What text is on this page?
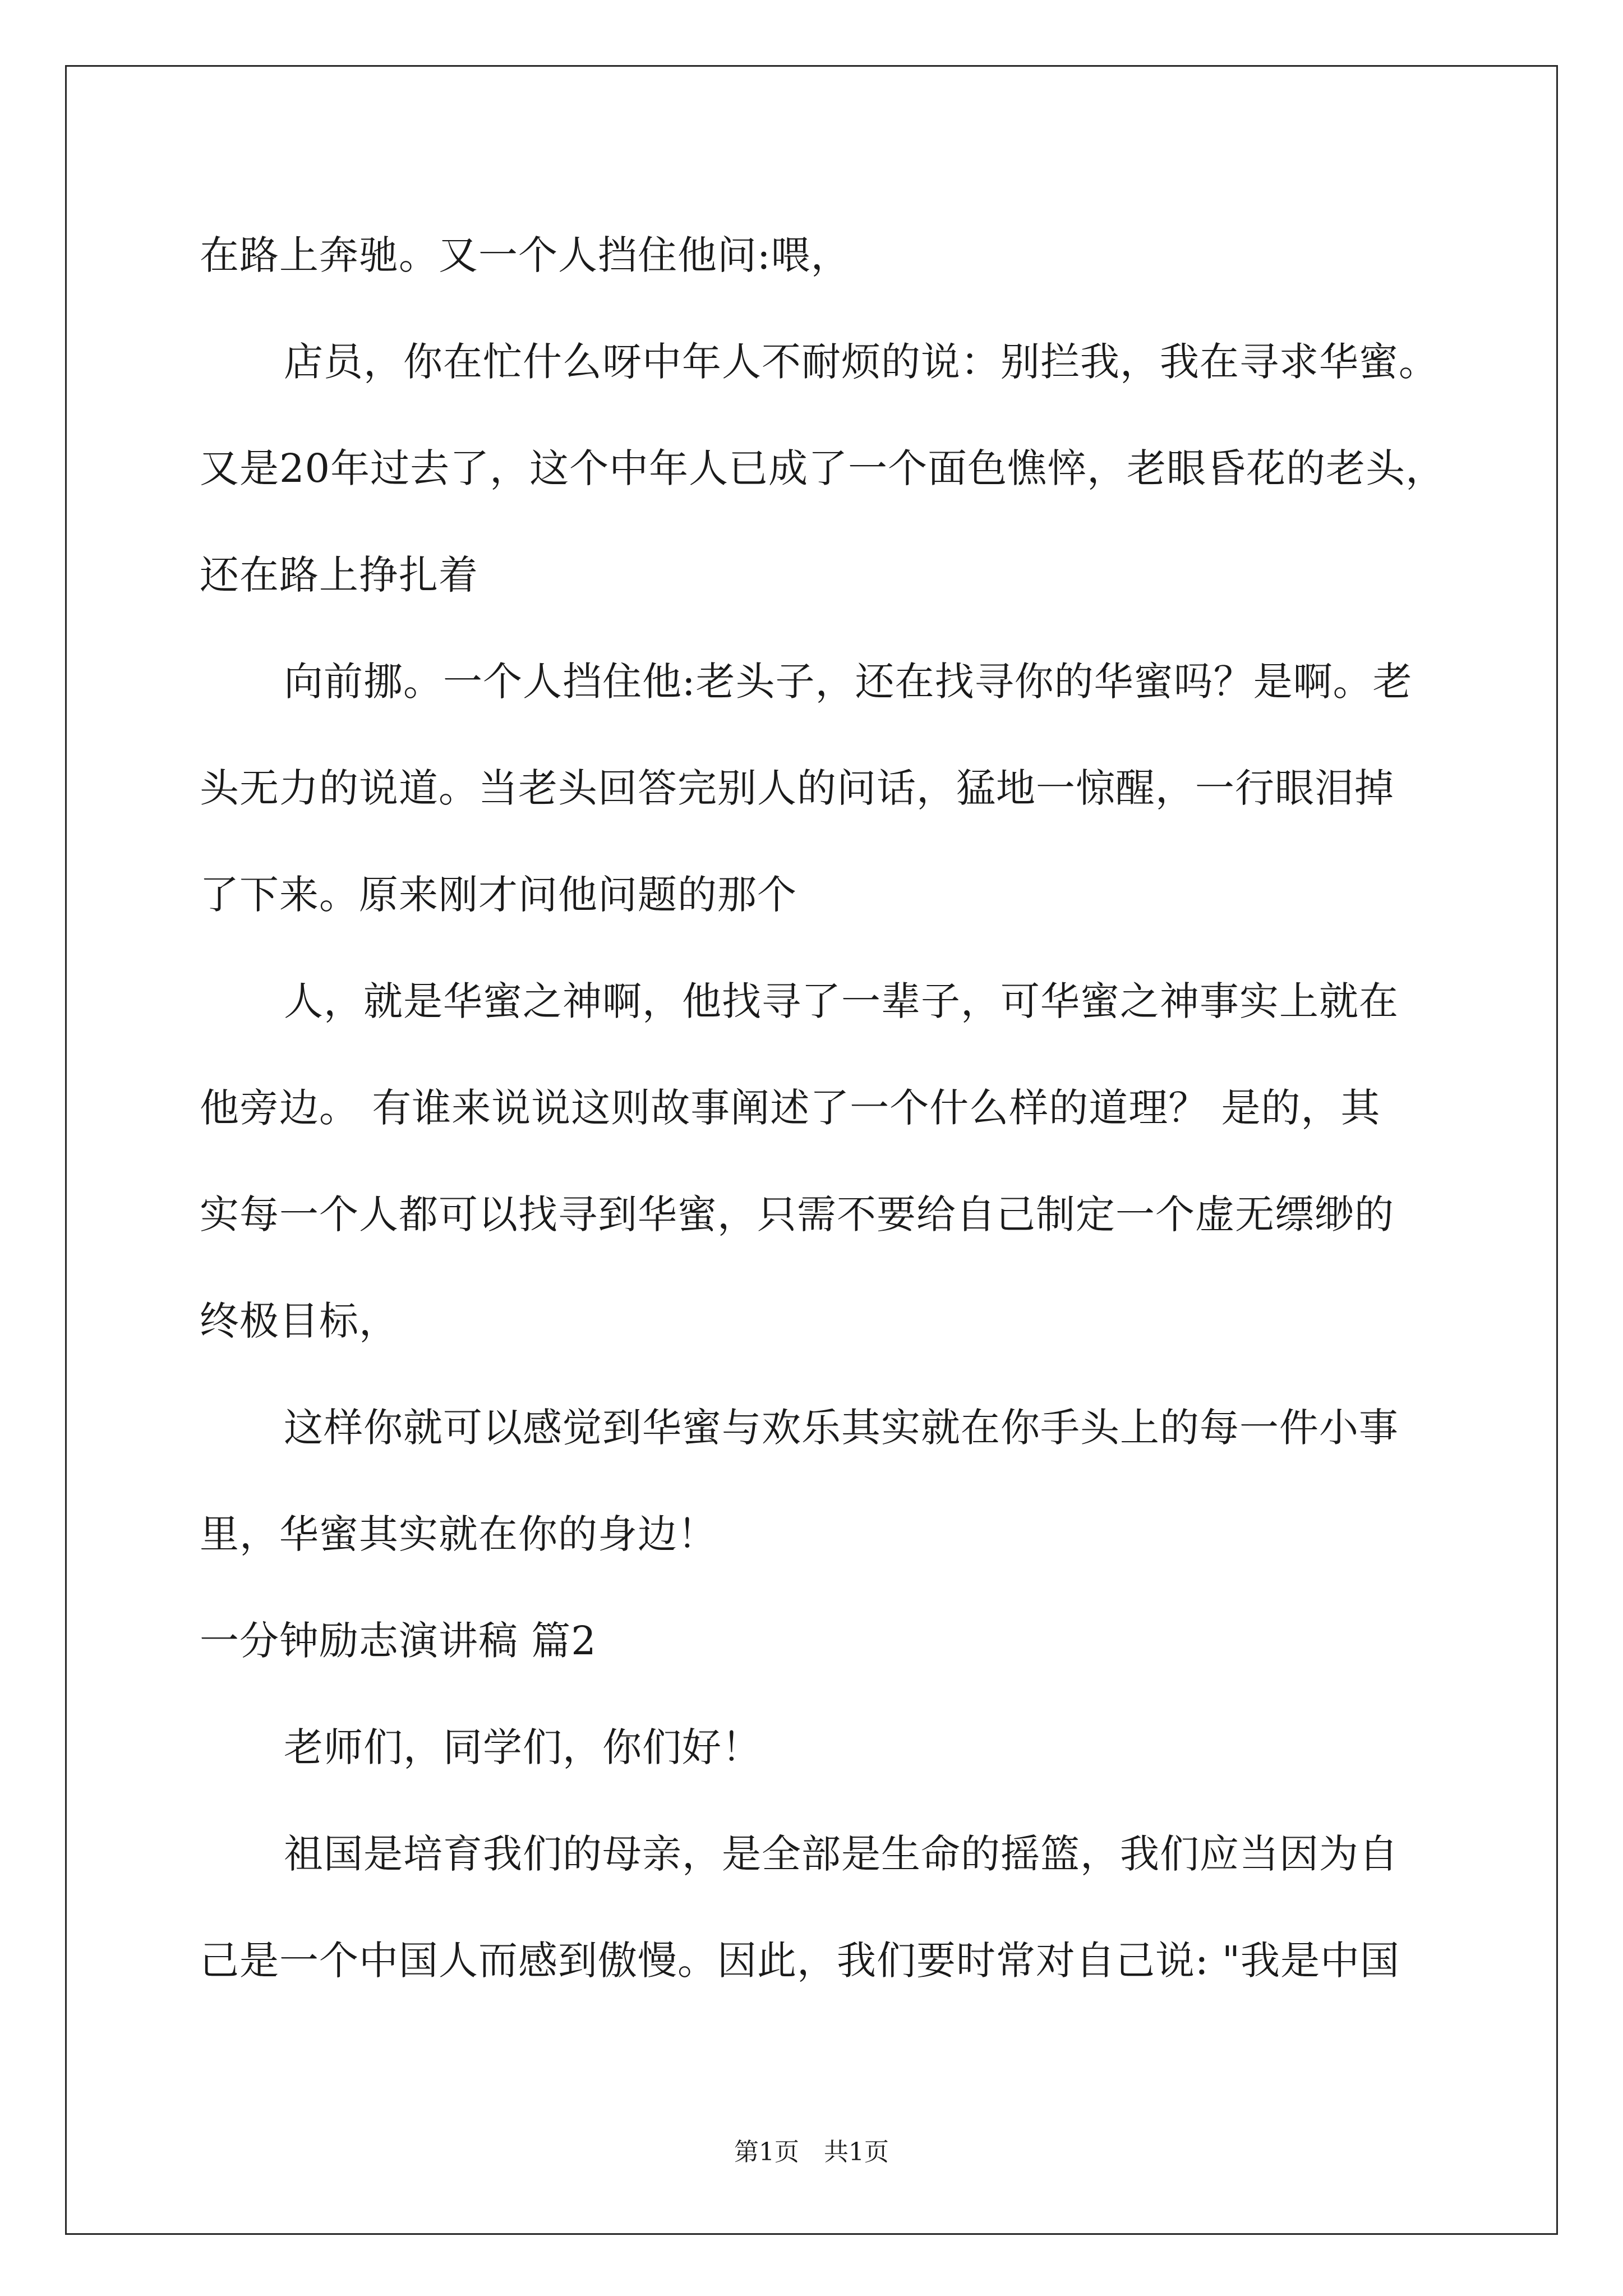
在路上奔驰。又一个人挡住他问:喂，
店员，你在忙什么呀中年人不耐烦的说：别拦我，我在寻求华蜜。
又是20年过去了，这个中年人已成了一个面色憔悴，老眼昏花的老头，
还在路上挣扎着
向前挪。一个人挡住他:老头子，还在找寻你的华蜜吗？是啊。老
头无力的说道。当老头回答完别人的问话，猛地一惊醒，一行眼泪掉
了下来。原来刚才问他问题的那个
人，就是华蜜之神啊，他找寻了一辈子，可华蜜之神事实上就在
他旁边。 有谁来说说这则故事阐述了一个什么样的道理？ 是的，其
实每一个人都可以找寻到华蜜，只需不要给自己制定一个虚无缥缈的
终极目标，
这样你就可以感觉到华蜜与欢乐其实就在你手头上的每一件小事
里，华蜜其实就在你的身边！
一分钟励志演讲稿 篇2
老师们，同学们，你们好！
祖国是培育我们的母亲，是全部是生命的摇篮，我们应当因为自
己是一个中国人而感到傲慢。因此，我们要时常对自己说: "我是中国
第1页　共1页
